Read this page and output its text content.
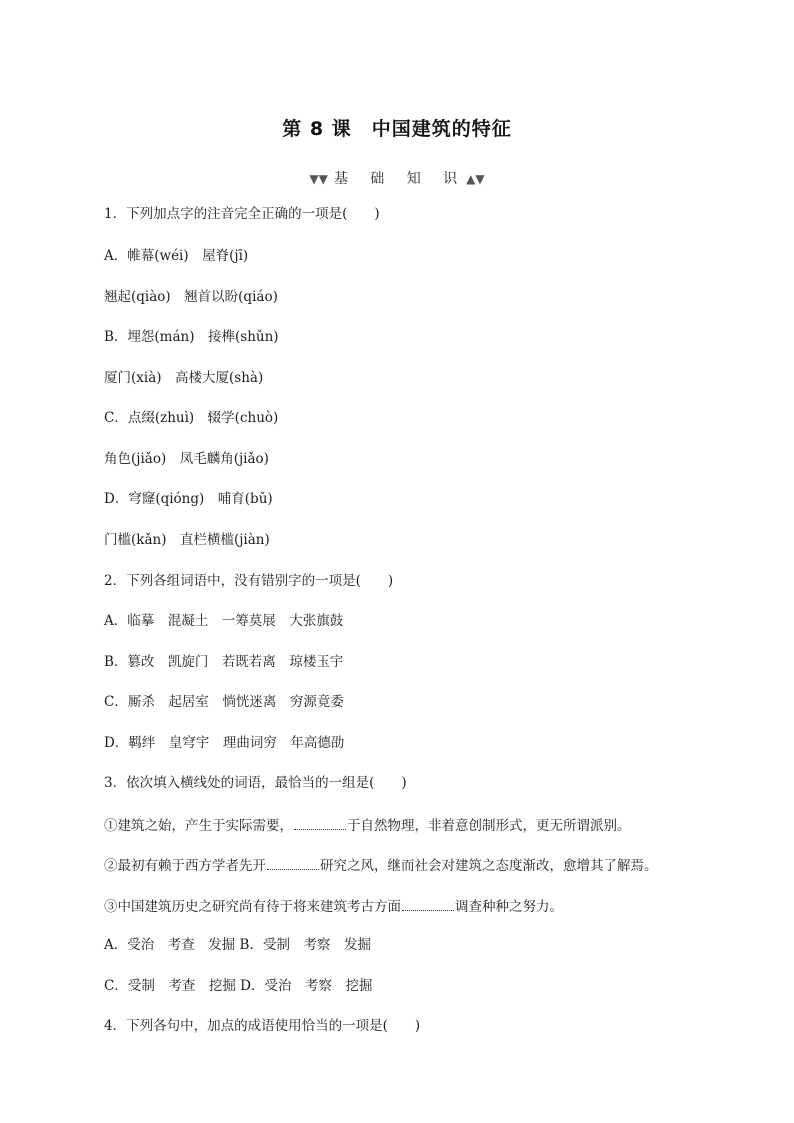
第 8 课　中国建筑的特征
▼▼ 基 础 知 识▲▼
1．下列加点字的注音完全正确的一项是(　　)
A．帷幕(wéi)　屋脊(jī)
翘起(qiào)　翘首以盼(qiáo)
B．埋怨(mán)　接榫(shǔn)
厦门(xià)　高楼大厦(shà)
C．点缀(zhuì)　辍学(chuò)
角色(jiǎo)　凤毛麟角(jiǎo)
D．穹窿(qióng)　哺育(bǔ)
门槛(kǎn)　直栏横槛(jiàn)
2．下列各组词语中，没有错别字的一项是(　　)
A．临摹　混凝土　一筹莫展　大张旗鼓
B．篡改　凯旋门　若既若离　琼楼玉宇
C．厮杀　起居室　惝恍迷离　穷源竟委
D．羁绊　皇穹宇　理曲词穷　年高德劭
3．依次填入横线处的词语，最恰当的一组是(　　)
①建筑之始，产生于实际需要，	于自然物理，非着意创制形式，更无所谓派别。
②最初有赖于西方学者先开	研究之风，继而社会对建筑之态度渐改，愈增其了解焉。
③中国建筑历史之研究尚有待于将来建筑考古方面	调查种种之努力。
A．受治　考查　发掘 B．受制　考察　发掘
C．受制　考查　挖掘 D．受治　考察　挖掘
4．下列各句中，加点的成语使用恰当的一项是(　　)
